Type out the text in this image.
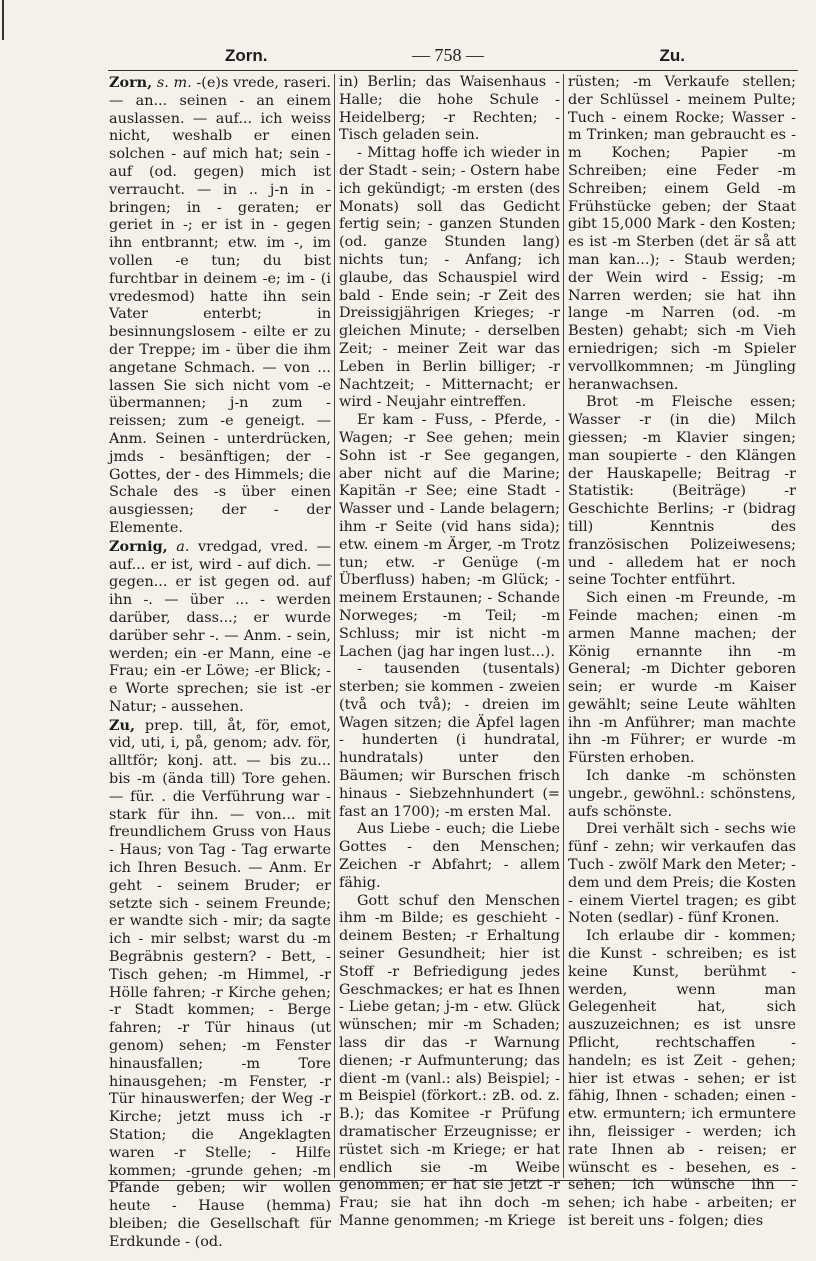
Zorn.	— 758 —	Zu.

Zorn, s. m. -(e)s vrede, raseri. — an... seinen - an einem auslassen. — auf... ich weiss nicht, weshalb er einen solchen - auf mich hat; sein - auf (od. gegen) mich ist verraucht. — in .. j-n in - bringen; in - geraten; er geriet in -; er ist in - gegen ihn entbrannt; etw. im -, im vollen -e tun; du bist furchtbar in deinem -e; im - (i vredesmod) hatte ihn sein Vater enterbt; in besinnungslosem - eilte er zu der Treppe; im - über die ihm angetane Schmach. — von ... lassen Sie sich nicht vom -e übermannen; j-n zum - reissen; zum -e geneigt. — Anm. Seinen - unterdrücken, jmds - besänftigen; der - Gottes, der - des Himmels; die Schale des -s über einen ausgiessen; der - der Elemente.

Zornig, a. vredgad, vred. — auf... er ist, wird - auf dich. — gegen... er ist gegen od. auf ihn -. — über ... - werden darüber, dass...; er wurde darüber sehr -. — Anm. - sein, werden; ein -er Mann, eine -e Frau; ein -er Löwe; -er Blick; -e Worte sprechen; sie ist -er Natur; - aussehen.

Zu, prep. till, åt, för, emot, vid, uti, i, på, genom; adv. för, alltför; konj. att. — bis zu... bis -m (ända till) Tore gehen. — für. . die Verführung war - stark für ihn. — von... mit freundlichem Gruss von Haus - Haus; von Tag - Tag erwarte ich Ihren Besuch. — Anm. Er geht - seinem Bruder; er setzte sich - seinem Freunde; er wandte sich - mir; da sagte ich - mir selbst; warst du -m Begräbnis gestern? - Bett, - Tisch gehen; -m Himmel, -r Hölle fahren; -r Kirche gehen; -r Stadt kommen; - Berge fahren; -r Tür hinaus (ut genom) sehen; -m Fenster hinausfallen; -m Tore hinausgehen; -m Fenster, -r Tür hinauswerfen; der Weg -r Kirche; jetzt muss ich -r Station; die Angeklagten waren -r Stelle; - Hilfe kommen; -grunde gehen; -m Pfande geben; wir wollen heute - Hause (hemma) bleiben; die Gesellschaft für Erdkunde - (od.

in) Berlin; das Waisenhaus - Halle; die hohe Schule - Heidelberg; -r Rechten; - Tisch geladen sein.

- Mittag hoffe ich wieder in der Stadt - sein; - Ostern habe ich gekündigt; -m ersten (des Monats) soll das Gedicht fertig sein; - ganzen Stunden (od. ganze Stunden lang) nichts tun; - Anfang; ich glaube, das Schauspiel wird bald - Ende sein; -r Zeit des Dreissigjährigen Krieges; -r gleichen Minute; - derselben Zeit; - meiner Zeit war das Leben in Berlin billiger; -r Nachtzeit; - Mitternacht; er wird - Neujahr eintreffen.

Er kam - Fuss, - Pferde, - Wagen; -r See gehen; mein Sohn ist -r See gegangen, aber nicht auf die Marine; Kapitän -r See; eine Stadt - Wasser und - Lande belagern; ihm -r Seite (vid hans sida); etw. einem -m Ärger, -m Trotz tun; etw. -r Genüge (-m Überfluss) haben; -m Glück; - meinem Erstaunen; - Schande Norweges; -m Teil; -m Schluss; mir ist nicht -m Lachen (jag har ingen lust...).

- tausenden (tusentals) sterben; sie kommen - zweien (två och två); - dreien im Wagen sitzen; die Äpfel lagen - hunderten (i hundratal, hundratals) unter den Bäumen; wir Burschen frisch hinaus - Siebzehnhundert (= fast an 1700); -m ersten Mal.

Aus Liebe - euch; die Liebe Gottes - den Menschen; Zeichen -r Abfahrt; - allem fähig.

Gott schuf den Menschen ihm -m Bilde; es geschieht - deinem Besten; -r Erhaltung seiner Gesundheit; hier ist Stoff -r Befriedigung jedes Geschmackes; er hat es Ihnen - Liebe getan; j-m - etw. Glück wünschen; mir -m Schaden; lass dir das -r Warnung dienen; -r Aufmunterung; das dient -m (vanl.: als) Beispiel; -m Beispiel (förkort.: zB. od. z. B.); das Komitee -r Prüfung dramatischer Erzeugnisse; er rüstet sich -m Kriege; er hat endlich sie -m Weibe genommen; er hat sie jetzt -r Frau; sie hat ihn doch -m Manne genommen; -m Kriege

rüsten; -m Verkaufe stellen; der Schlüssel - meinem Pulte; Tuch - einem Rocke; Wasser -m Trinken; man gebraucht es -m Kochen; Papier -m Schreiben; eine Feder -m Schreiben; einem Geld -m Frühstücke geben; der Staat gibt 15,000 Mark - den Kosten; es ist -m Sterben (det är så att man kan...); - Staub werden; der Wein wird - Essig; -m Narren werden; sie hat ihn lange -m Narren (od. -m Besten) gehabt; sich -m Vieh erniedrigen; sich -m Spieler vervollkommnen; -m Jüngling heranwachsen.

Brot -m Fleische essen; Wasser -r (in die) Milch giessen; -m Klavier singen; man soupierte - den Klängen der Hauskapelle; Beitrag -r Statistik: (Beiträge) -r Geschichte Berlins; -r (bidrag till) Kenntnis des französischen Polizeiwesens; und - alledem hat er noch seine Tochter entführt.

Sich einen -m Freunde, -m Feinde machen; einen -m armen Manne machen; der König ernannte ihn -m General; -m Dichter geboren sein; er wurde -m Kaiser gewählt; seine Leute wählten ihn -m Anführer; man machte ihn -m Führer; er wurde -m Fürsten erhoben.

Ich danke -m schönsten ungebr., gewöhnl.: schönstens, aufs schönste.

Drei verhält sich - sechs wie fünf - zehn; wir verkaufen das Tuch - zwölf Mark den Meter; -dem und dem Preis; die Kosten - einem Viertel tragen; es gibt Noten (sedlar) - fünf Kronen.

Ich erlaube dir - kommen; die Kunst - schreiben; es ist keine Kunst, berühmt - werden, wenn man Gelegenheit hat, sich auszuzeichnen; es ist unsre Pflicht, rechtschaffen - handeln; es ist Zeit - gehen; hier ist etwas - sehen; er ist fähig, Ihnen - schaden; einen - etw. ermuntern; ich ermuntere ihn, fleissiger - werden; ich rate Ihnen ab - reisen; er wünscht es - besehen, es - sehen; ich wünsche ihn - sehen; ich habe - arbeiten; er ist bereit uns - folgen; dies
